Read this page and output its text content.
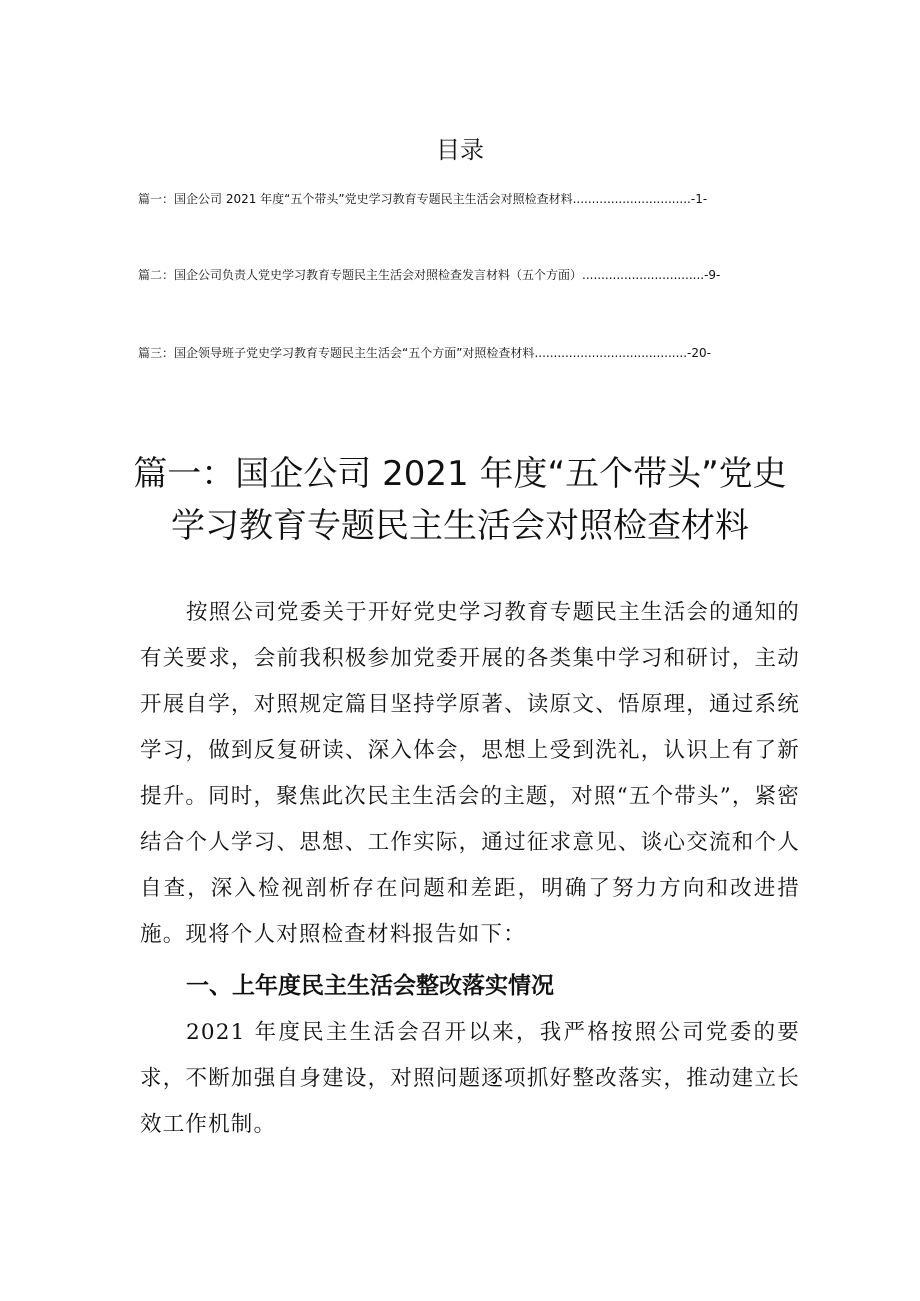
目录
篇一：国企公司 2021 年度“五个带头”党史学习教育专题民主生活会对照检查材料...............................-1-
篇二：国企公司负责人党史学习教育专题民主生活会对照检查发言材料（五个方面）................................-9-
篇三：国企领导班子党史学习教育专题民主生活会“五个方面”对照检查材料........................................-20-
篇一：国企公司 2021 年度“五个带头”党史
学习教育专题民主生活会对照检查材料

按照公司党委关于开好党史学习教育专题民主生活会的通知的有关要求，会前我积极参加党委开展的各类集中学习和研讨，主动开展自学，对照规定篇目坚持学原著、读原文、悟原理，通过系统学习，做到反复研读、深入体会，思想上受到洗礼，认识上有了新提升。同时，聚焦此次民主生活会的主题，对照“五个带头”，紧密结合个人学习、思想、工作实际，通过征求意见、谈心交流和个人自查，深入检视剖析存在问题和差距，明确了努力方向和改进措施。现将个人对照检查材料报告如下：

一、上年度民主生活会整改落实情况

2021 年度民主生活会召开以来，我严格按照公司党委的要求，不断加强自身建设，对照问题逐项抓好整改落实，推动建立长效工作机制。
